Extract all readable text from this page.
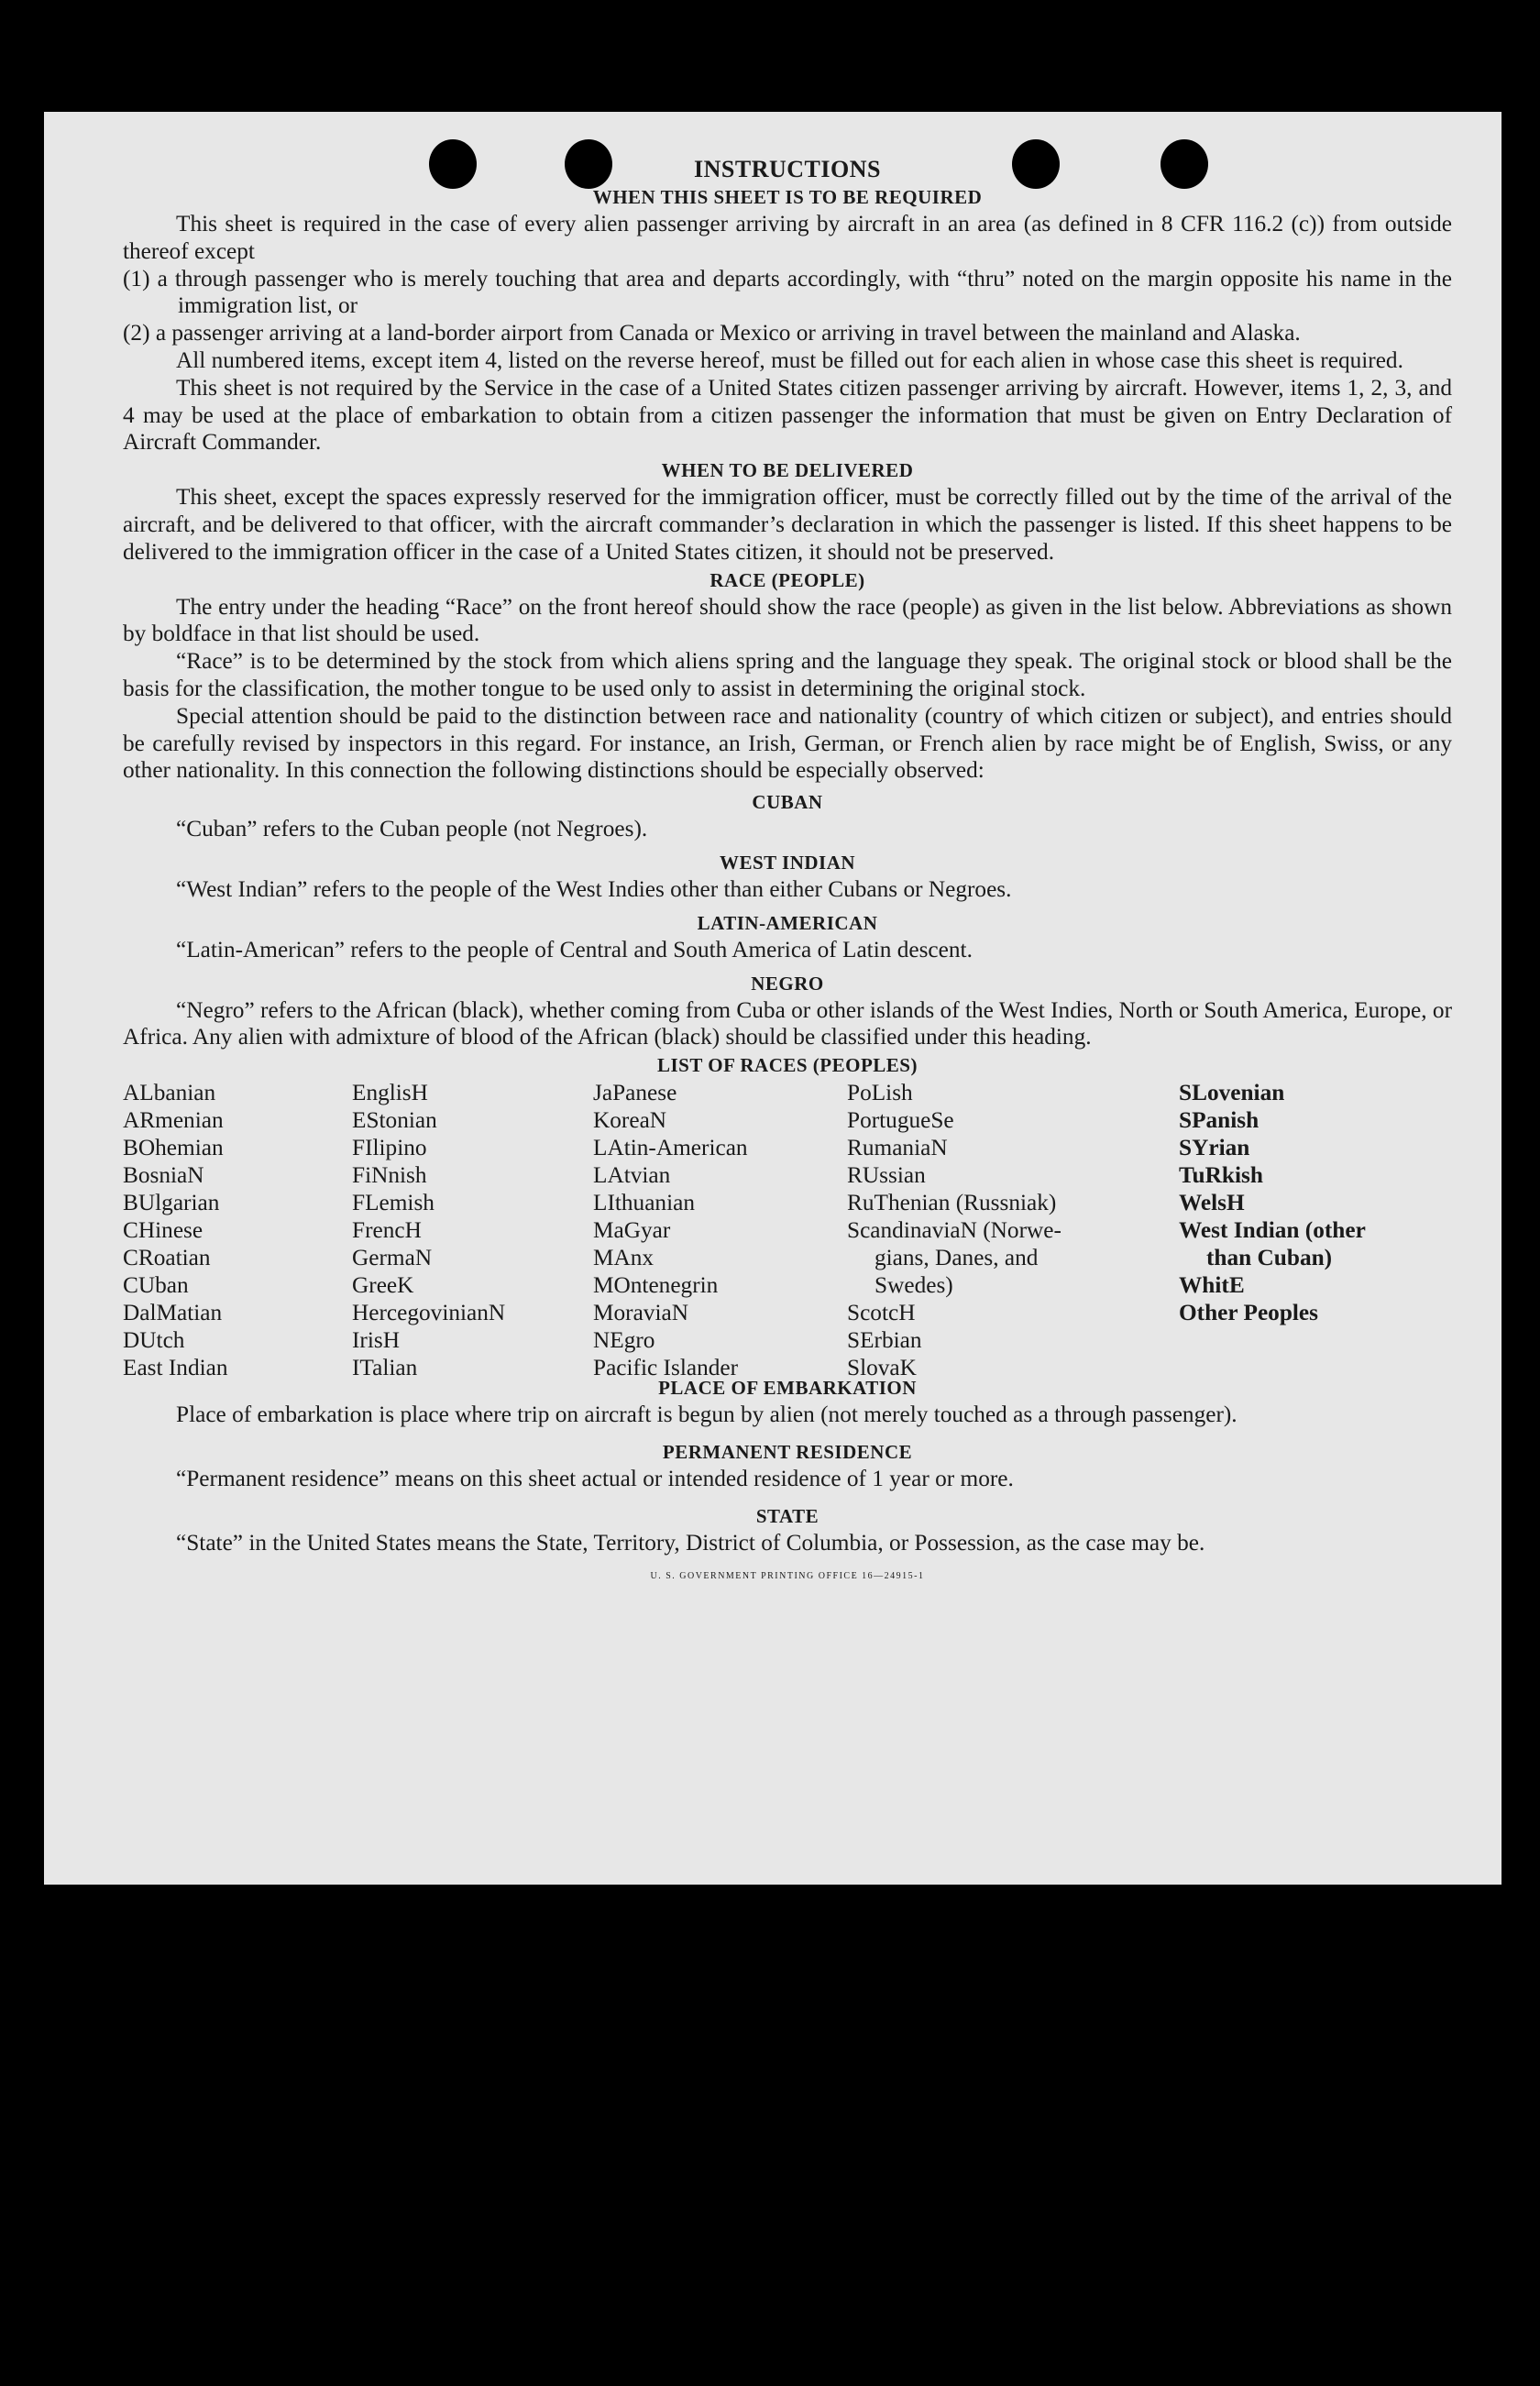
INSTRUCTIONS
WHEN THIS SHEET IS TO BE REQUIRED

This sheet is required in the case of every alien passenger arriving by aircraft in an area (as defined in 8 CFR 116.2 (c)) from outside thereof except

(1) a through passenger who is merely touching that area and departs accordingly, with “thru” noted on the margin opposite his name in the immigration list, or

(2) a passenger arriving at a land-border airport from Canada or Mexico or arriving in travel between the mainland and Alaska.

All numbered items, except item 4, listed on the reverse hereof, must be filled out for each alien in whose case this sheet is required.

This sheet is not required by the Service in the case of a United States citizen passenger arriving by aircraft. However, items 1, 2, 3, and 4 may be used at the place of embarkation to obtain from a citizen passenger the information that must be given on Entry Declaration of Aircraft Commander.

WHEN TO BE DELIVERED

This sheet, except the spaces expressly reserved for the immigration officer, must be correctly filled out by the time of the arrival of the aircraft, and be delivered to that officer, with the aircraft commander’s declaration in which the passenger is listed. If this sheet happens to be delivered to the immigration officer in the case of a United States citizen, it should not be preserved.

RACE (PEOPLE)

The entry under the heading “Race” on the front hereof should show the race (people) as given in the list below. Abbreviations as shown by boldface in that list should be used.

“Race” is to be determined by the stock from which aliens spring and the language they speak. The original stock or blood shall be the basis for the classification, the mother tongue to be used only to assist in determining the original stock.

Special attention should be paid to the distinction between race and nationality (country of which citizen or subject), and entries should be carefully revised by inspectors in this regard. For instance, an Irish, German, or French alien by race might be of English, Swiss, or any other nationality. In this connection the following distinctions should be especially observed:

CUBAN

“Cuban” refers to the Cuban people (not Negroes).

WEST INDIAN

“West Indian” refers to the people of the West Indies other than either Cubans or Negroes.

LATIN-AMERICAN

“Latin-American” refers to the people of Central and South America of Latin descent.

NEGRO

“Negro” refers to the African (black), whether coming from Cuba or other islands of the West Indies, North or South America, Europe, or Africa. Any alien with admixture of blood of the African (black) should be classified under this heading.

LIST OF RACES (PEOPLES)
ALbanian
ARmenian
BOhemian
BosniaN
BUlgarian
CHinese
CRoatian
CUban
DalMatian
DUtch
East Indian
EnglisH
EStonian
FIlipino
FiNnish
FLemish
FrencH
GermaN
GreeK
HercegovinianN
IrisH
ITalian
JaPanese
KoreaN
LAtin-American
LAtvian
LIthuanian
MaGyar
MAnx
MOntenegrin
MoraviaN
NEgro
Pacific Islander
PoLish
PortugueSe
RumaniaN
RUssian
RuThenian (Russniak)
ScandinaviaN (Norwe-
gians, Danes, and
Swedes)
ScotcH
SErbian
SlovaK
SLovenian
SPanish
SYrian
TuRkish
WelsH
West Indian (other
than Cuban)
WhitE
Other Peoples
PLACE OF EMBARKATION

Place of embarkation is place where trip on aircraft is begun by alien (not merely touched as a through passenger).

PERMANENT RESIDENCE

“Permanent residence” means on this sheet actual or intended residence of 1 year or more.

STATE

“State” in the United States means the State, Territory, District of Columbia, or Possession, as the case may be.

U. S. GOVERNMENT PRINTING OFFICE 16—24915-1
